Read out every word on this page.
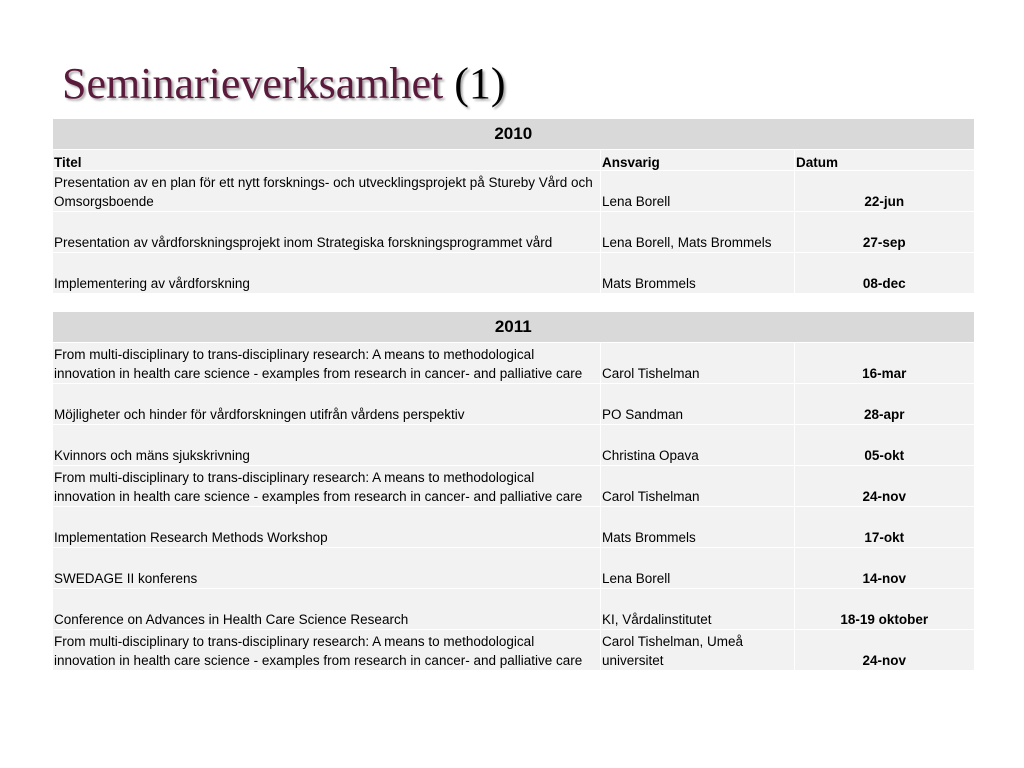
Seminarieverksamhet (1)
2010		
Titel	Ansvarig	Datum
Presentation av en plan för ett nytt forsknings- och utvecklingsprojekt på Stureby Vård och Omsorgsboende	Lena Borell	22-jun
Presentation av vårdforskningsprojekt inom Strategiska forskningsprogrammet vård	Lena Borell, Mats Brommels	27-sep
Implementering av vårdforskning	Mats Brommels	08-dec
2011		
From multi-disciplinary to trans-disciplinary research: A means to methodological innovation in health care science - examples from research in cancer- and palliative care	Carol Tishelman	16-mar
Möjligheter och hinder för vårdforskningen utifrån vårdens perspektiv	PO Sandman	28-apr
Kvinnors och mäns sjukskrivning	Christina Opava	05-okt
From multi-disciplinary to trans-disciplinary research: A means to methodological innovation in health care science - examples from research in cancer- and palliative care	Carol Tishelman	24-nov
Implementation Research Methods Workshop	Mats Brommels	17-okt
SWEDAGE II konferens	Lena Borell	14-nov
Conference on Advances in Health Care Science Research	KI, Vårdalinstitutet	18-19 oktober
From multi-disciplinary to trans-disciplinary research: A means to methodological innovation in health care science - examples from research in cancer- and palliative care	Carol Tishelman, Umeå universitet	24-nov
